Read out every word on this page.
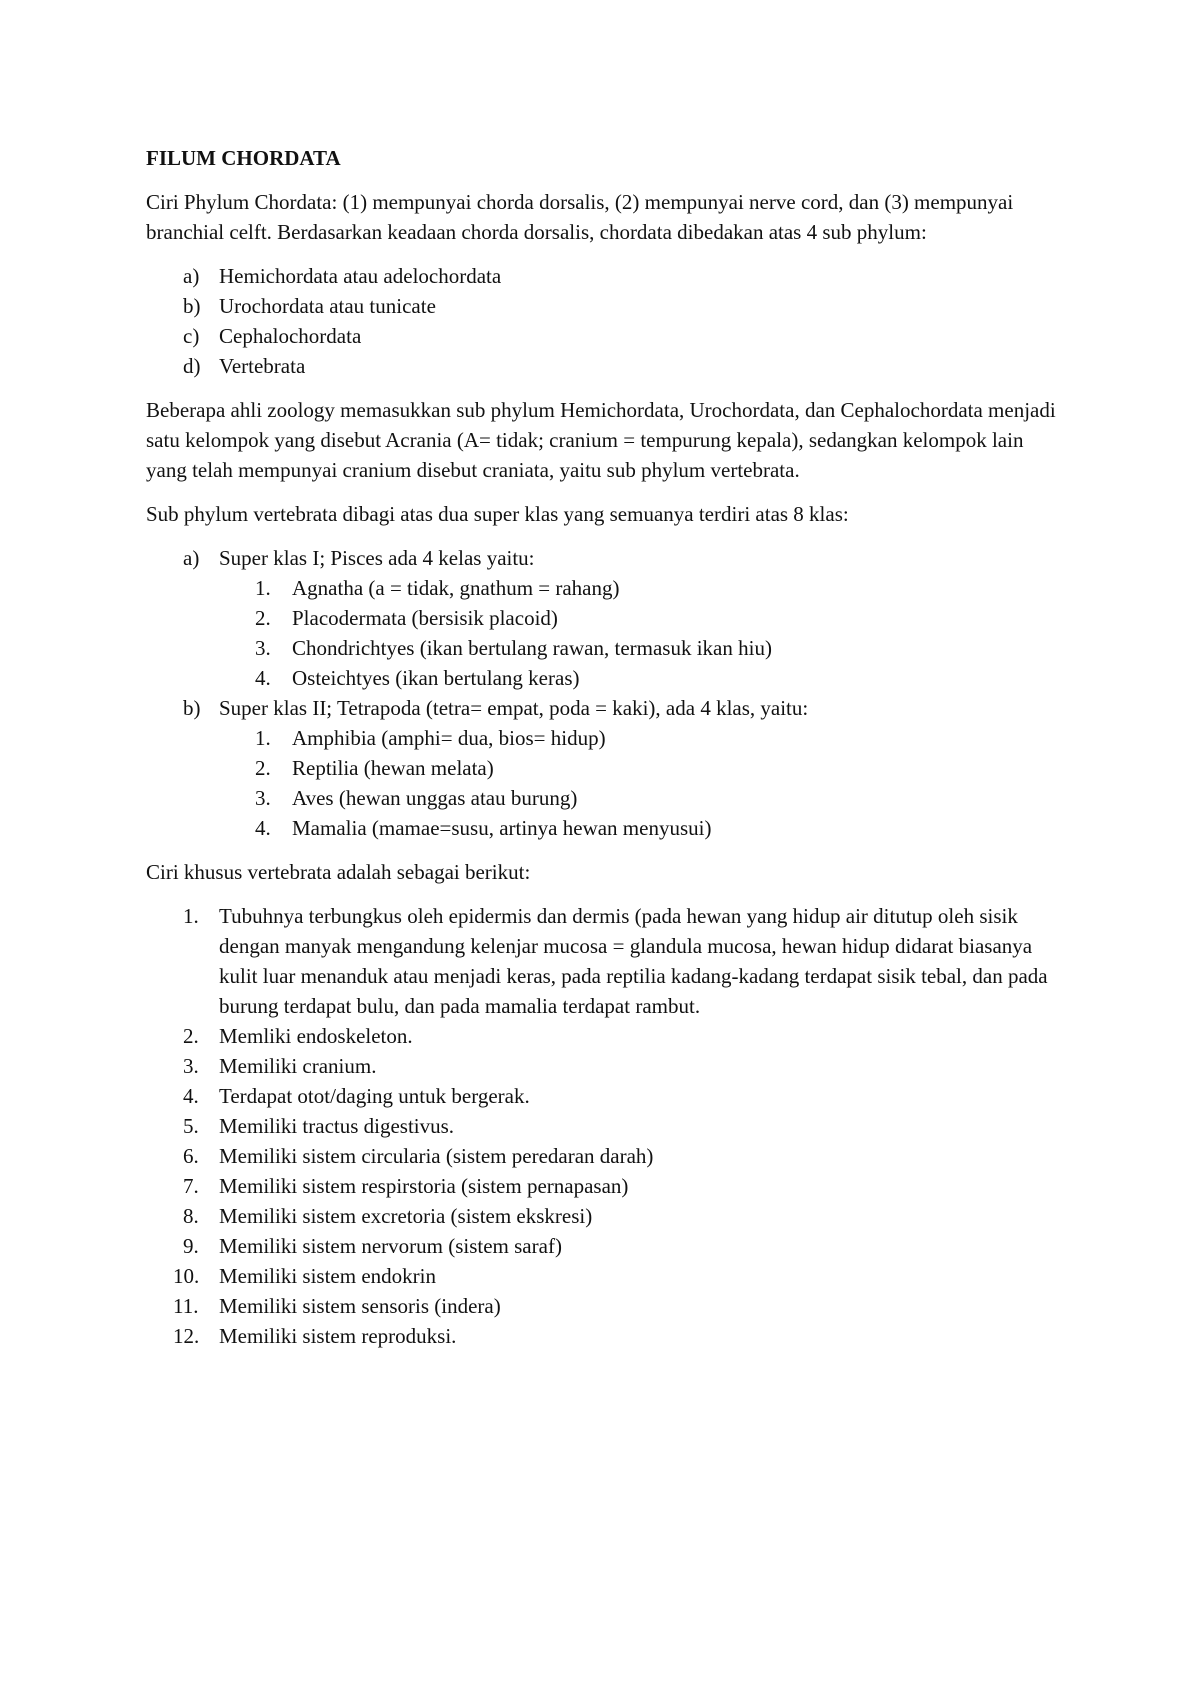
FILUM CHORDATA
Ciri Phylum Chordata: (1) mempunyai chorda dorsalis, (2) mempunyai nerve cord, dan (3) mempunyai branchial celft. Berdasarkan keadaan chorda dorsalis, chordata dibedakan atas 4 sub phylum:
a) Hemichordata atau adelochordata
b) Urochordata atau tunicate
c) Cephalochordata
d) Vertebrata
Beberapa ahli zoology memasukkan sub phylum Hemichordata, Urochordata, dan Cephalochordata menjadi satu kelompok yang disebut Acrania (A= tidak; cranium = tempurung kepala), sedangkan kelompok lain yang telah mempunyai cranium disebut craniata, yaitu sub phylum vertebrata.
Sub phylum vertebrata dibagi atas dua super klas yang semuanya terdiri atas 8 klas:
a) Super klas I; Pisces ada 4 kelas yaitu:
1. Agnatha (a = tidak, gnathum = rahang)
2. Placodermata (bersisik placoid)
3. Chondrichtyes (ikan bertulang rawan, termasuk ikan hiu)
4. Osteichtyes (ikan bertulang keras)
b) Super klas II; Tetrapoda (tetra= empat, poda = kaki), ada 4 klas, yaitu:
1. Amphibia (amphi= dua, bios= hidup)
2. Reptilia (hewan melata)
3. Aves (hewan unggas atau burung)
4. Mamalia (mamae=susu, artinya hewan menyusui)
Ciri khusus vertebrata adalah sebagai berikut:
1. Tubuhnya terbungkus oleh epidermis dan dermis (pada hewan yang hidup air ditutup oleh sisik dengan manyak mengandung kelenjar mucosa = glandula mucosa, hewan hidup didarat biasanya kulit luar menanduk atau menjadi keras, pada reptilia kadang-kadang terdapat sisik tebal, dan pada burung terdapat bulu, dan pada mamalia terdapat rambut.
2. Memliki endoskeleton.
3. Memiliki cranium.
4. Terdapat otot/daging untuk bergerak.
5. Memiliki tractus digestivus.
6. Memiliki sistem circularia (sistem peredaran darah)
7. Memiliki sistem respirstoria (sistem pernapasan)
8. Memiliki sistem excretoria (sistem ekskresi)
9. Memiliki sistem nervorum (sistem saraf)
10. Memiliki sistem endokrin
11. Memiliki sistem sensoris (indera)
12. Memiliki sistem reproduksi.
